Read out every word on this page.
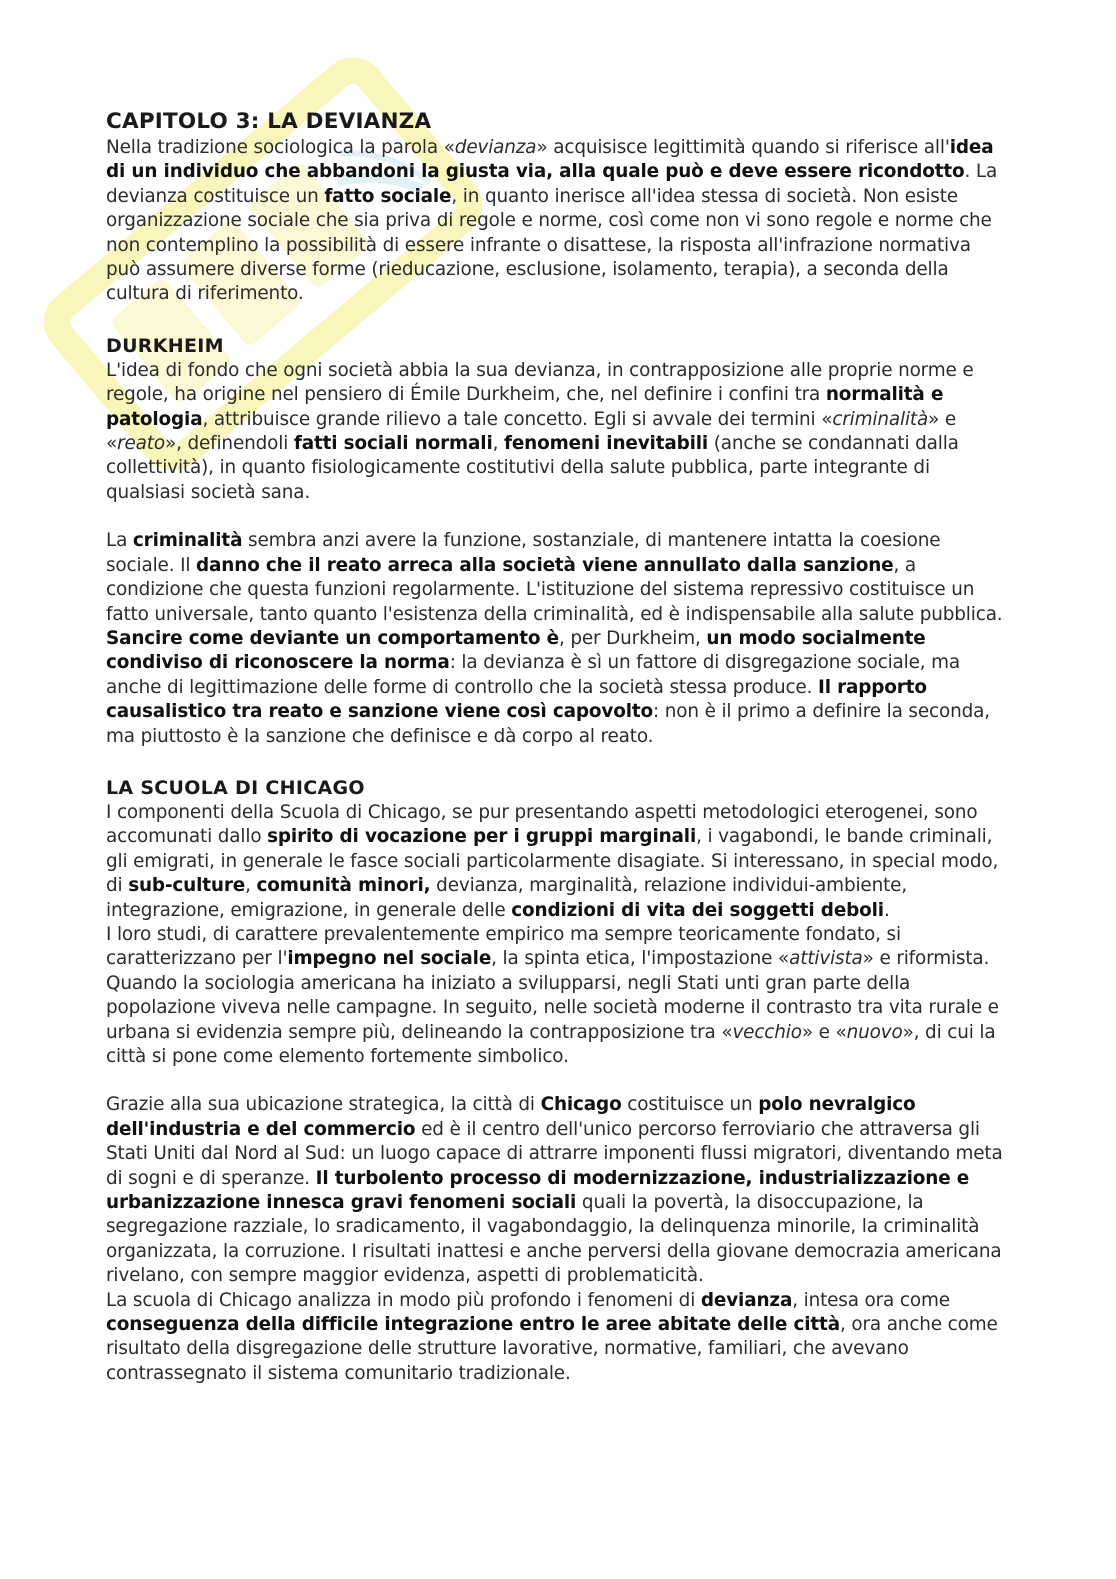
CAPITOLO 3: LA DEVIANZA

Nella tradizione sociologica la parola «devianza» acquisisce legittimità quando si riferisce all'idea di un individuo che abbandoni la giusta via, alla quale può e deve essere ricondotto. La devianza costituisce un fatto sociale, in quanto inerisce all'idea stessa di società. Non esiste organizzazione sociale che sia priva di regole e norme, così come non vi sono regole e norme che non contemplino la possibilità di essere infrante o disattese, la risposta all'infrazione normativa può assumere diverse forme (rieducazione, esclusione, isolamento, terapia), a seconda della cultura di riferimento.

DURKHEIM

L'idea di fondo che ogni società abbia la sua devianza, in contrapposizione alle proprie norme e regole, ha origine nel pensiero di Émile Durkheim, che, nel definire i confini tra normalità e patologia, attribuisce grande rilievo a tale concetto. Egli si avvale dei termini «criminalità» e «reato», definendoli fatti sociali normali, fenomeni inevitabili (anche se condannati dalla collettività), in quanto fisiologicamente costitutivi della salute pubblica, parte integrante di qualsiasi società sana.

La criminalità sembra anzi avere la funzione, sostanziale, di mantenere intatta la coesione sociale. Il danno che il reato arreca alla società viene annullato dalla sanzione, a condizione che questa funzioni regolarmente. L'istituzione del sistema repressivo costituisce un fatto universale, tanto quanto l'esistenza della criminalità, ed è indispensabile alla salute pubblica.

Sancire come deviante un comportamento è, per Durkheim, un modo socialmente condiviso di riconoscere la norma: la devianza è sì un fattore di disgregazione sociale, ma anche di legittimazione delle forme di controllo che la società stessa produce. Il rapporto causalistico tra reato e sanzione viene così capovolto: non è il primo a definire la seconda, ma piuttosto è la sanzione che definisce e dà corpo al reato.

LA SCUOLA DI CHICAGO

I componenti della Scuola di Chicago, se pur presentando aspetti metodologici eterogenei, sono accomunati dallo spirito di vocazione per i gruppi marginali, i vagabondi, le bande criminali, gli emigrati, in generale le fasce sociali particolarmente disagiate. Si interessano, in special modo, di sub-culture, comunità minori, devianza, marginalità, relazione individui-ambiente, integrazione, emigrazione, in generale delle condizioni di vita dei soggetti deboli.

I loro studi, di carattere prevalentemente empirico ma sempre teoricamente fondato, si caratterizzano per l'impegno nel sociale, la spinta etica, l'impostazione «attivista» e riformista. Quando la sociologia americana ha iniziato a svilupparsi, negli Stati unti gran parte della popolazione viveva nelle campagne. In seguito, nelle società moderne il contrasto tra vita rurale e urbana si evidenzia sempre più, delineando la contrapposizione tra «vecchio» e «nuovo», di cui la città si pone come elemento fortemente simbolico.

Grazie alla sua ubicazione strategica, la città di Chicago costituisce un polo nevralgico dell'industria e del commercio ed è il centro dell'unico percorso ferroviario che attraversa gli Stati Uniti dal Nord al Sud: un luogo capace di attrarre imponenti flussi migratori, diventando meta di sogni e di speranze. Il turbolento processo di modernizzazione, industrializzazione e urbanizzazione innesca gravi fenomeni sociali quali la povertà, la disoccupazione, la segregazione razziale, lo sradicamento, il vagabondaggio, la delinquenza minorile, la criminalità organizzata, la corruzione. I risultati inattesi e anche perversi della giovane democrazia americana rivelano, con sempre maggior evidenza, aspetti di problematicità.

La scuola di Chicago analizza in modo più profondo i fenomeni di devianza, intesa ora come conseguenza della difficile integrazione entro le aree abitate delle città, ora anche come risultato della disgregazione delle strutture lavorative, normative, familiari, che avevano contrassegnato il sistema comunitario tradizionale.
